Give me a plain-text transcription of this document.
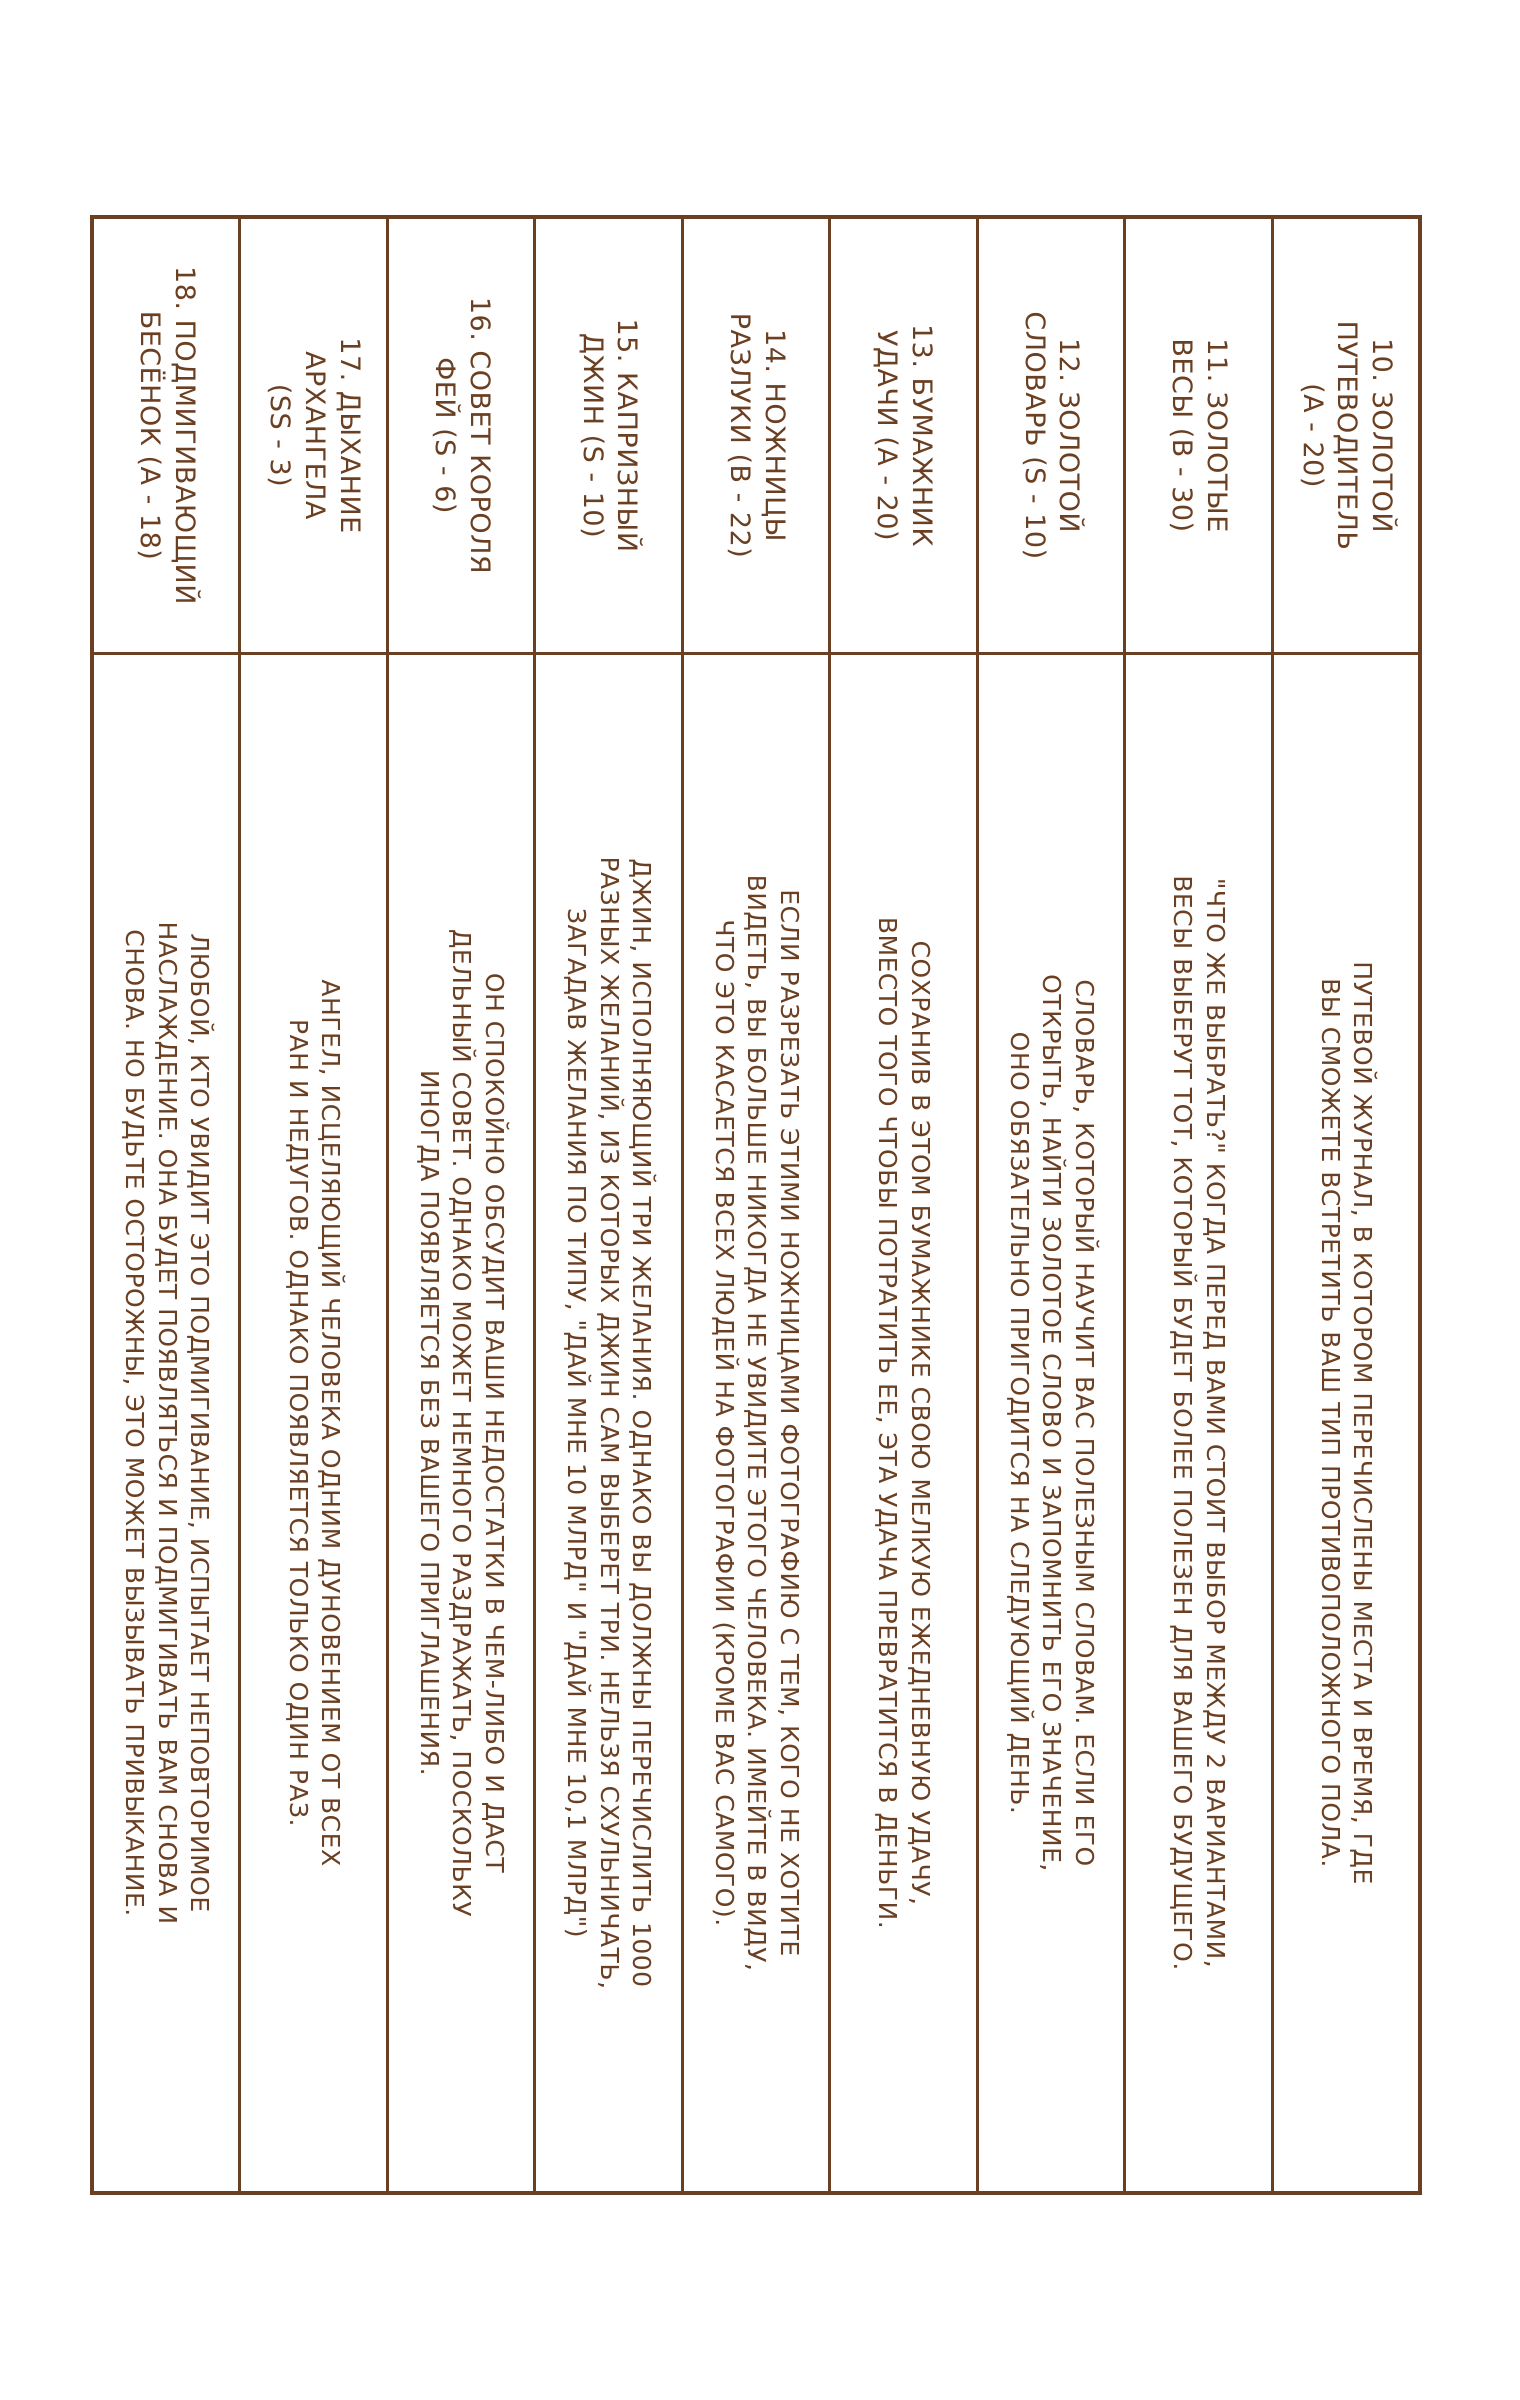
10. ЗОЛОТОЙ
ПУТЕВОДИТЕЛЬ
(A - 20)
ПУТЕВОЙ ЖУРНАЛ, В КОТОРОМ ПЕРЕЧИСЛЕНЫ МЕСТА И ВРЕМЯ, ГДЕ
ВЫ СМОЖЕТЕ ВСТРЕТИТЬ ВАШ ТИП ПРОТИВОПОЛОЖНОГО ПОЛА.
11. ЗОЛОТЫЕ
ВЕСЫ (B - 30)
"ЧТО ЖЕ ВЫБРАТЬ?" КОГДА ПЕРЕД ВАМИ СТОИТ ВЫБОР МЕЖДУ 2 ВАРИАНТАМИ,
ВЕСЫ ВЫБЕРУТ ТОТ, КОТОРЫЙ БУДЕТ БОЛЕЕ ПОЛЕЗЕН ДЛЯ ВАШЕГО БУДУЩЕГО.
12. ЗОЛОТОЙ
СЛОВАРЬ (S - 10)
СЛОВАРЬ, КОТОРЫЙ НАУЧИТ ВАС ПОЛЕЗНЫМ СЛОВАМ. ЕСЛИ ЕГО
ОТКРЫТЬ, НАЙТИ ЗОЛОТОЕ СЛОВО И ЗАПОМНИТЬ ЕГО ЗНАЧЕНИЕ,
ОНО ОБЯЗАТЕЛЬНО ПРИГОДИТСЯ НА СЛЕДУЮЩИЙ ДЕНЬ.
13. БУМАЖНИК
УДАЧИ (A - 20)
СОХРАНИВ В ЭТОМ БУМАЖНИКЕ СВОЮ МЕЛКУЮ ЕЖЕДНЕВНУЮ УДАЧУ,
ВМЕСТО ТОГО ЧТОБЫ ПОТРАТИТЬ ЕЕ, ЭТА УДАЧА ПРЕВРАТИТСЯ В ДЕНЬГИ.
14. НОЖНИЦЫ
РАЗЛУКИ (B - 22)
ЕСЛИ РАЗРЕЗАТЬ ЭТИМИ НОЖНИЦАМИ ФОТОГРАФИЮ С ТЕМ, КОГО НЕ ХОТИТЕ
ВИДЕТЬ, ВЫ БОЛЬШЕ НИКОГДА НЕ УВИДИТЕ ЭТОГО ЧЕЛОВЕКА. ИМЕЙТЕ В ВИДУ,
ЧТО ЭТО КАСАЕТСЯ ВСЕХ ЛЮДЕЙ НА ФОТОГРАФИИ (КРОМЕ ВАС САМОГО).
15. КАПРИЗНЫЙ
ДЖИН (S - 10)
ДЖИН, ИСПОЛНЯЮЩИЙ ТРИ ЖЕЛАНИЯ. ОДНАКО ВЫ ДОЛЖНЫ ПЕРЕЧИСЛИТЬ 1000
РАЗНЫХ ЖЕЛАНИЙ, ИЗ КОТОРЫХ ДЖИН САМ ВЫБЕРЕТ ТРИ. НЕЛЬЗЯ СХУЛЬНИЧАТЬ,
ЗАГАДАВ ЖЕЛАНИЯ ПО ТИПУ, "ДАЙ МНЕ 10 МЛРД" И "ДАЙ МНЕ 10,1 МЛРД")
16. СОВЕТ КОРОЛЯ
ФЕЙ (S - 6)
ОН СПОКОЙНО ОБСУДИТ ВАШИ НЕДОСТАТКИ В ЧЕМ-ЛИБО И ДАСТ
ДЕЛЬНЫЙ СОВЕТ. ОДНАКО МОЖЕТ НЕМНОГО РАЗДРАЖАТЬ, ПОСКОЛЬКУ
ИНОГДА ПОЯВЛЯЕТСЯ БЕЗ ВАШЕГО ПРИГЛАШЕНИЯ.
17. ДЫХАНИЕ
АРХАНГЕЛА
(SS - 3)
АНГЕЛ, ИСЦЕЛЯЮЩИЙ ЧЕЛОВЕКА ОДНИМ ДУНОВЕНИЕМ ОТ ВСЕХ
РАН И НЕДУГОВ. ОДНАКО ПОЯВЛЯЕТСЯ ТОЛЬКО ОДИН РАЗ.
18. ПОДМИГИВАЮЩИЙ
БЕСЁНОК (A - 18)
ЛЮБОЙ, КТО УВИДИТ ЭТО ПОДМИГИВАНИЕ, ИСПЫТАЕТ НЕПОВТОРИМОЕ
НАСЛАЖДЕНИЕ. ОНА БУДЕТ ПОЯВЛЯТЬСЯ И ПОДМИГИВАТЬ ВАМ СНОВА И
СНОВА. НО БУДЬТЕ ОСТОРОЖНЫ, ЭТО МОЖЕТ ВЫЗЫВАТЬ ПРИВЫКАНИЕ.
